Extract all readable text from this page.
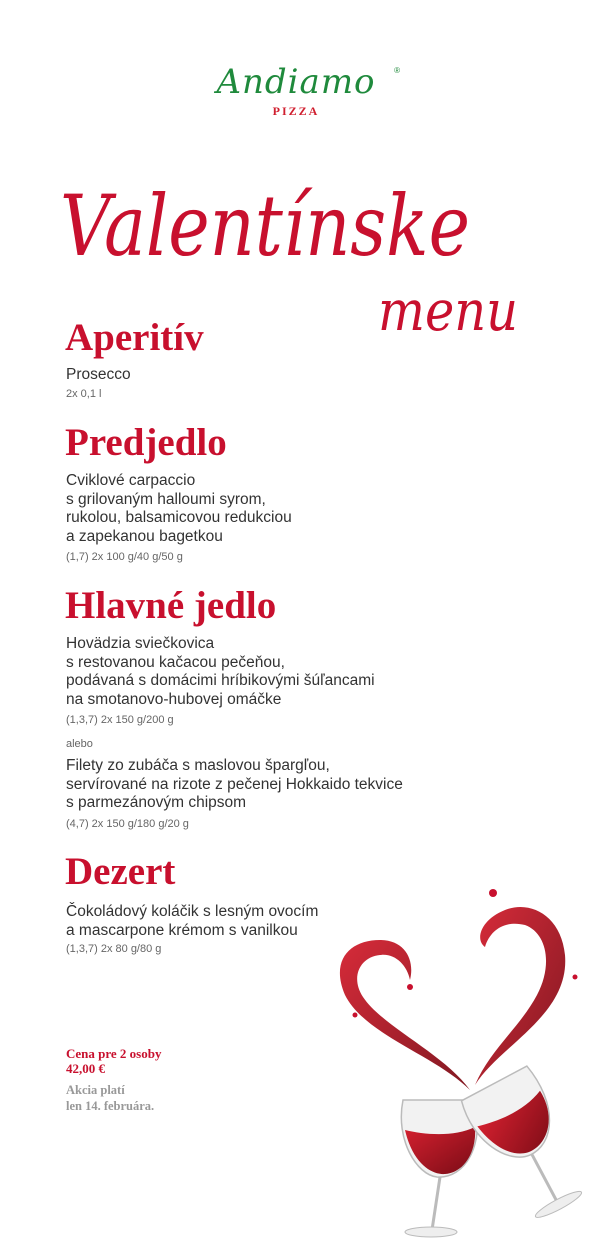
Andiamo	®
PIZZA
Valentínske
menu
Aperitív
Prosecco
2x 0,1 l
Predjedlo
Cviklové carpaccio
s grilovaným halloumi syrom,
rukolou, balsamicovou redukciou
a zapekanou bagetkou
(1,7) 2x 100 g/40 g/50 g
Hlavné jedlo
Hovädzia sviečkovica
s restovanou kačacou pečeňou,
podávaná s domácimi hríbikovými šúľancami
na smotanovo-hubovej omáčke
(1,3,7) 2x 150 g/200 g
alebo
Filety zo zubáča s maslovou špargľou,
servírované na rizote z pečenej Hokkaido tekvice
s parmezánovým chipsom
(4,7) 2x 150 g/180 g/20 g
Dezert
Čokoládový koláčik s lesným ovocím
a mascarpone krémom s vanilkou
(1,3,7) 2x 80 g/80 g
Cena pre 2 osoby
42,00 €
Akcia platí
len 14. februára.
